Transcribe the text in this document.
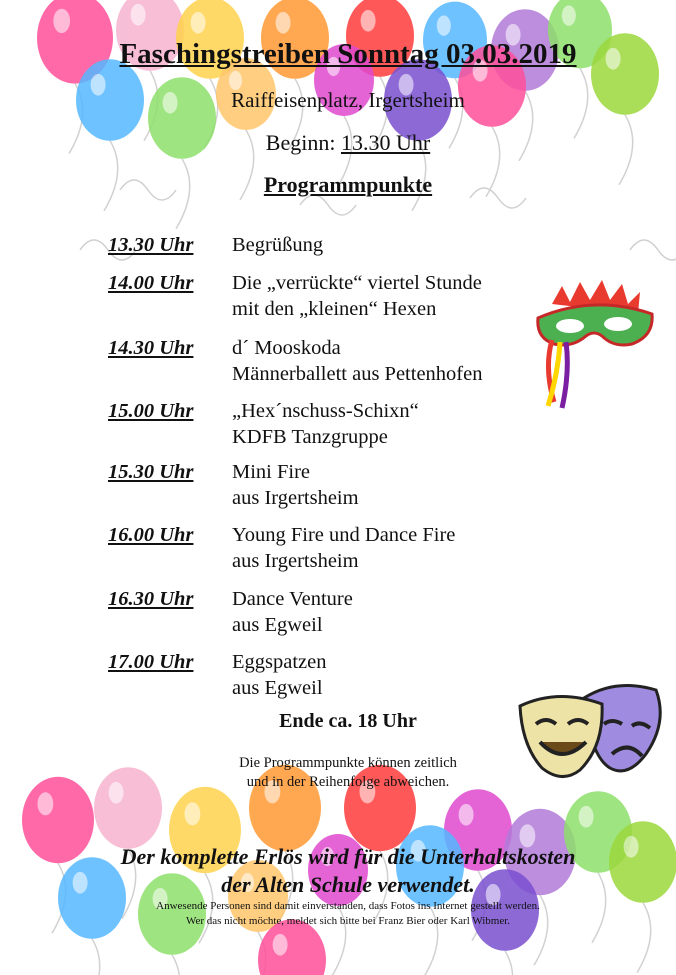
Faschingstreiben Sonntag 03.03.2019
Raiffeisenplatz, Irgertsheim
Beginn: 13.30 Uhr
Programmpunkte
13.30 Uhr Begrüßung
14.00 Uhr Die „verrückte“ viertel Stunde
mit den „kleinen“ Hexen
14.30 Uhr d´ Mooskoda
Männerballett aus Pettenhofen
15.00 Uhr „Hex´nschuss-Schixn“
KDFB Tanzgruppe
15.30 Uhr Mini Fire
aus Irgertsheim
16.00 Uhr Young Fire und Dance Fire
aus Irgertsheim
16.30 Uhr Dance Venture
aus Egweil
17.00 Uhr Eggspatzen
aus Egweil
Ende ca. 18 Uhr
Die Programmpunkte können zeitlich
und in der Reihenfolge abweichen.
Der komplette Erlös wird für die Unterhaltskosten
der Alten Schule verwendet.
Anwesende Personen sind damit einverstanden, dass Fotos ins Internet gestellt werden.
Wer das nicht möchte, meldet sich bitte bei Franz Bier oder Karl Wibmer.
